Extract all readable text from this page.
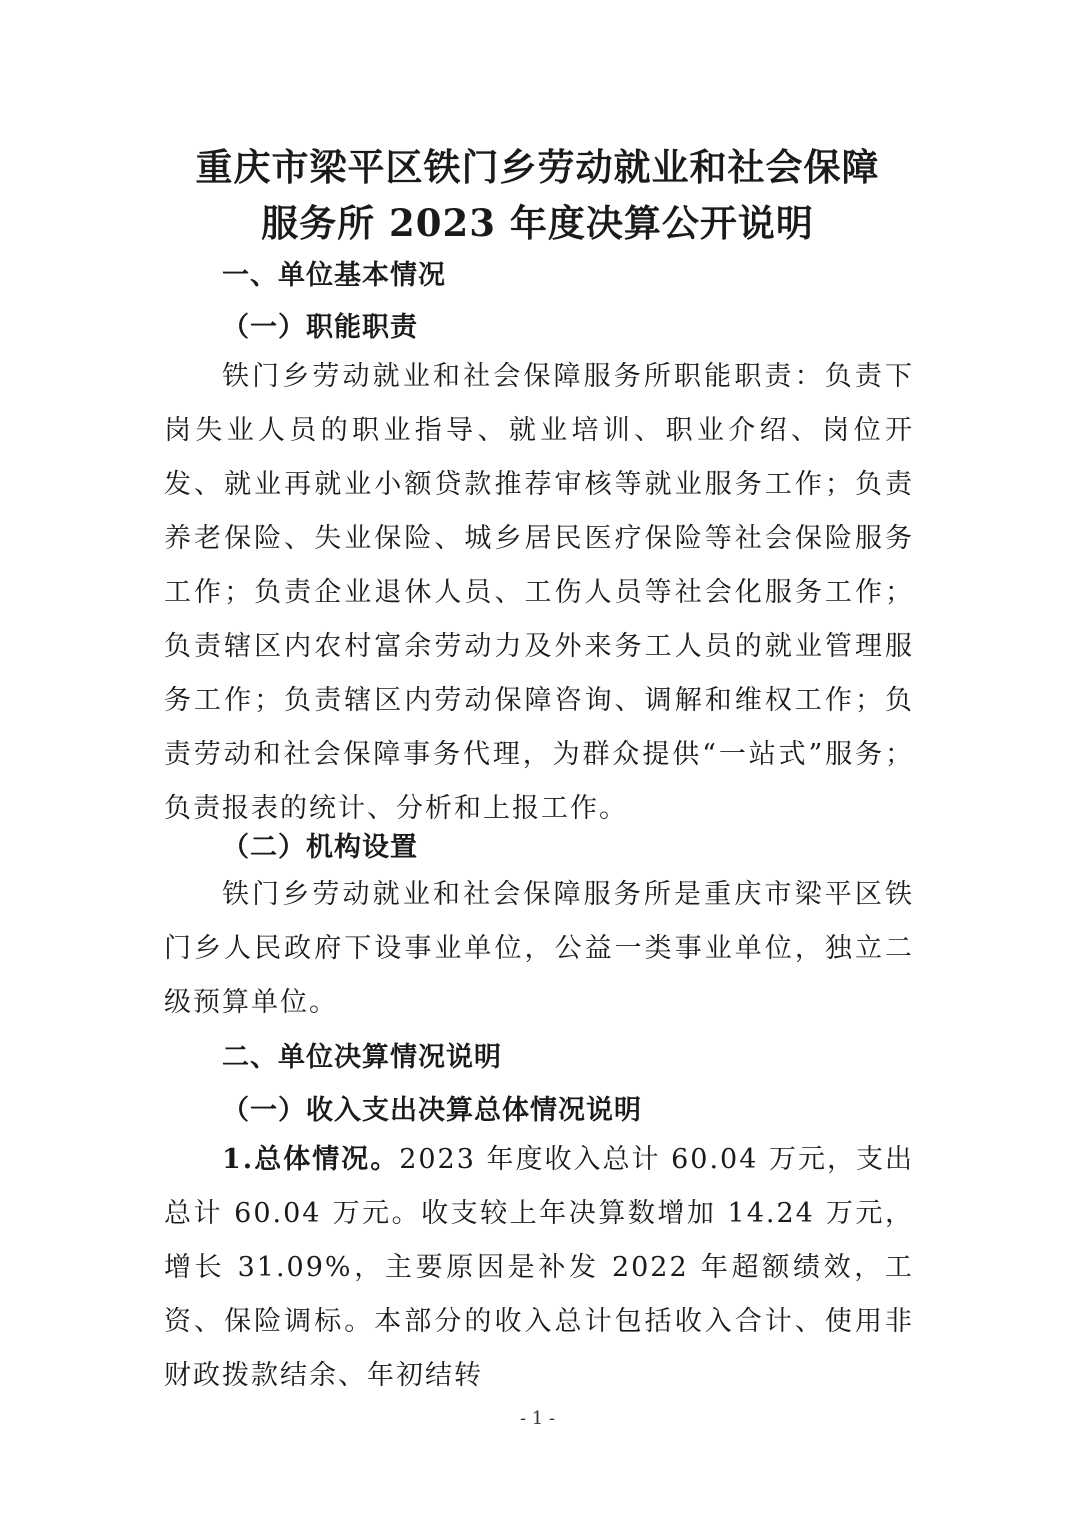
重庆市梁平区铁门乡劳动就业和社会保障
服务所 2023 年度决算公开说明
一、单位基本情况
（一）职能职责

铁门乡劳动就业和社会保障服务所职能职责：负责下岗失业人员的职业指导、就业培训、职业介绍、岗位开发、就业再就业小额贷款推荐审核等就业服务工作；负责养老保险、失业保险、城乡居民医疗保险等社会保险服务工作；负责企业退休人员、工伤人员等社会化服务工作；负责辖区内农村富余劳动力及外来务工人员的就业管理服务工作；负责辖区内劳动保障咨询、调解和维权工作；负责劳动和社会保障事务代理，为群众提供“一站式”服务；负责报表的统计、分析和上报工作。

（二）机构设置

铁门乡劳动就业和社会保障服务所是重庆市梁平区铁门乡人民政府下设事业单位，公益一类事业单位，独立二级预算单位。

二、单位决算情况说明
（一）收入支出决算总体情况说明

1.总体情况。2023 年度收入总计 60.04 万元，支出总计 60.04 万元。收支较上年决算数增加 14.24 万元，增长 31.09%，主要原因是补发 2022 年超额绩效，工资、保险调标。本部分的收入总计包括收入合计、使用非财政拨款结余、年初结转

- 1 -
